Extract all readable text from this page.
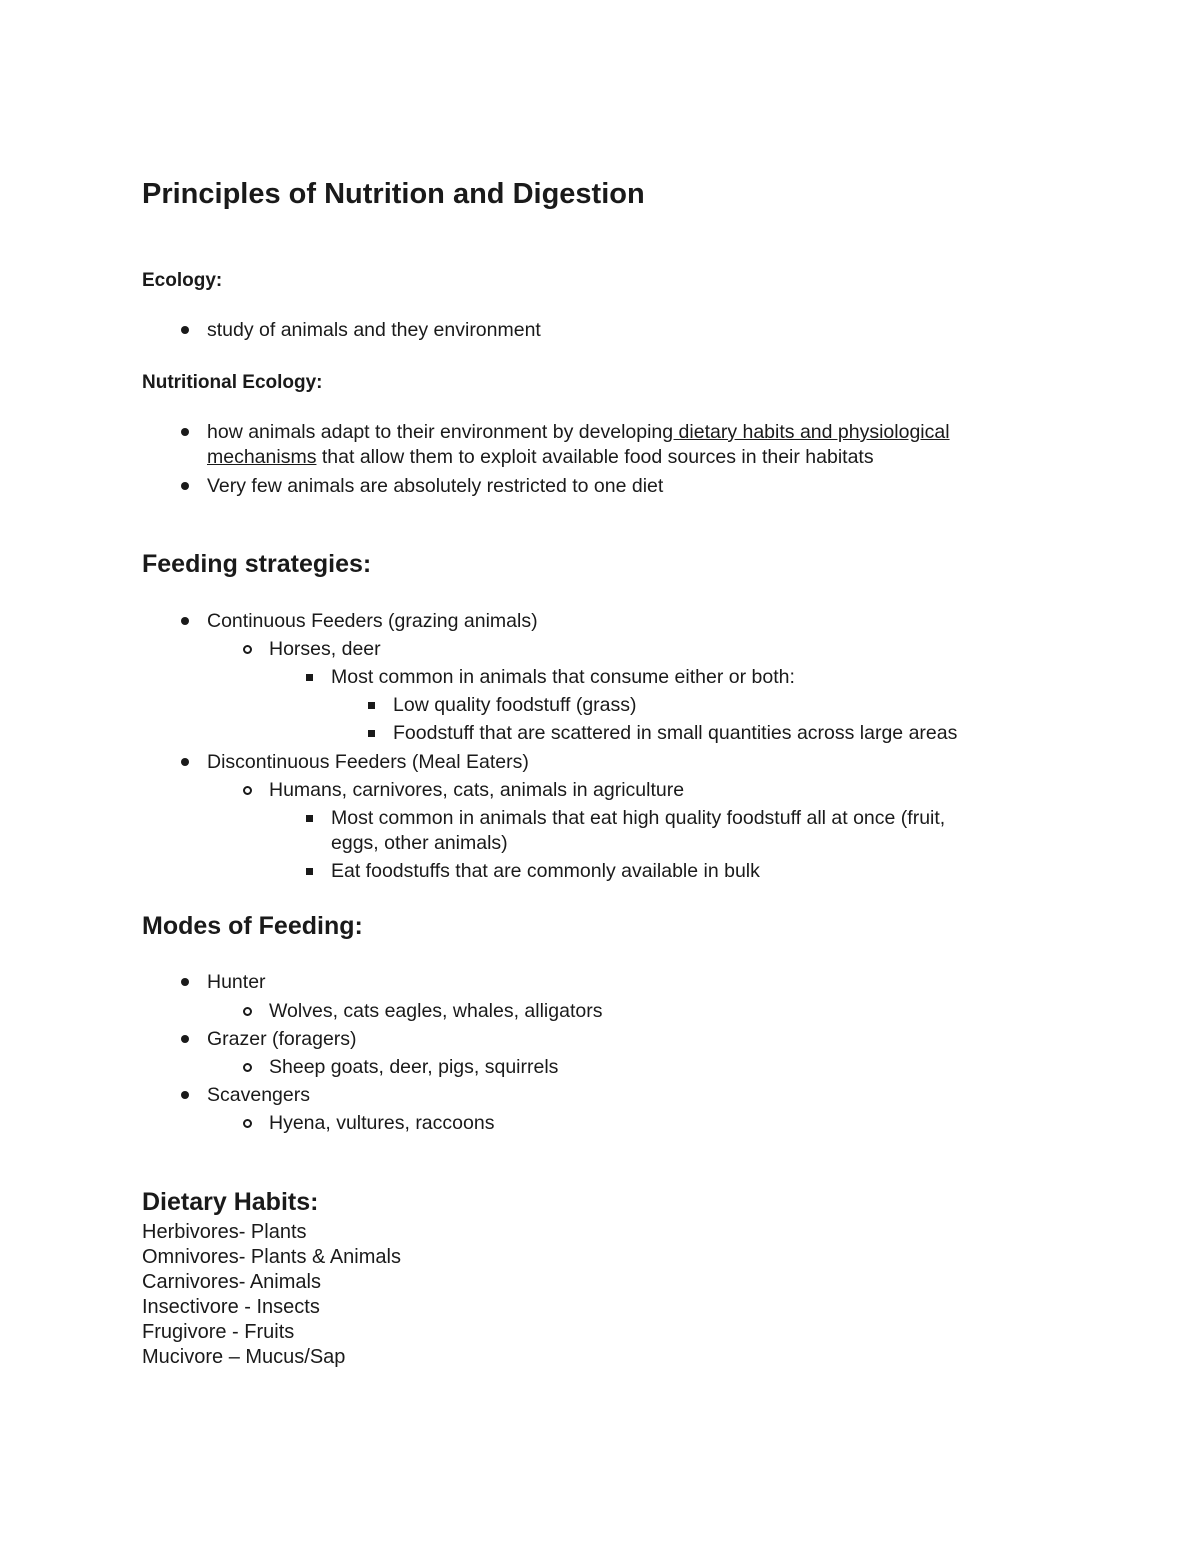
Principles of Nutrition and Digestion
Ecology:
study of animals and they environment
Nutritional Ecology:
how animals adapt to their environment by developing dietary habits and physiological
mechanisms that allow them to exploit available food sources in their habitats
Very few animals are absolutely restricted to one diet
Feeding strategies:
Continuous Feeders (grazing animals)
Horses, deer
Most common in animals that consume either or both:
Low quality foodstuff (grass)
Foodstuff that are scattered in small quantities across large areas
Discontinuous Feeders (Meal Eaters)
Humans, carnivores, cats, animals in agriculture
Most common in animals that eat high quality foodstuff all at once (fruit,
eggs, other animals)
Eat foodstuffs that are commonly available in bulk
Modes of Feeding:
Hunter
Wolves, cats eagles, whales, alligators
Grazer (foragers)
Sheep goats, deer, pigs, squirrels
Scavengers
Hyena, vultures, raccoons
Dietary Habits:
Herbivores- Plants
Omnivores- Plants & Animals
Carnivores- Animals
Insectivore - Insects
Frugivore - Fruits
Mucivore – Mucus/Sap
